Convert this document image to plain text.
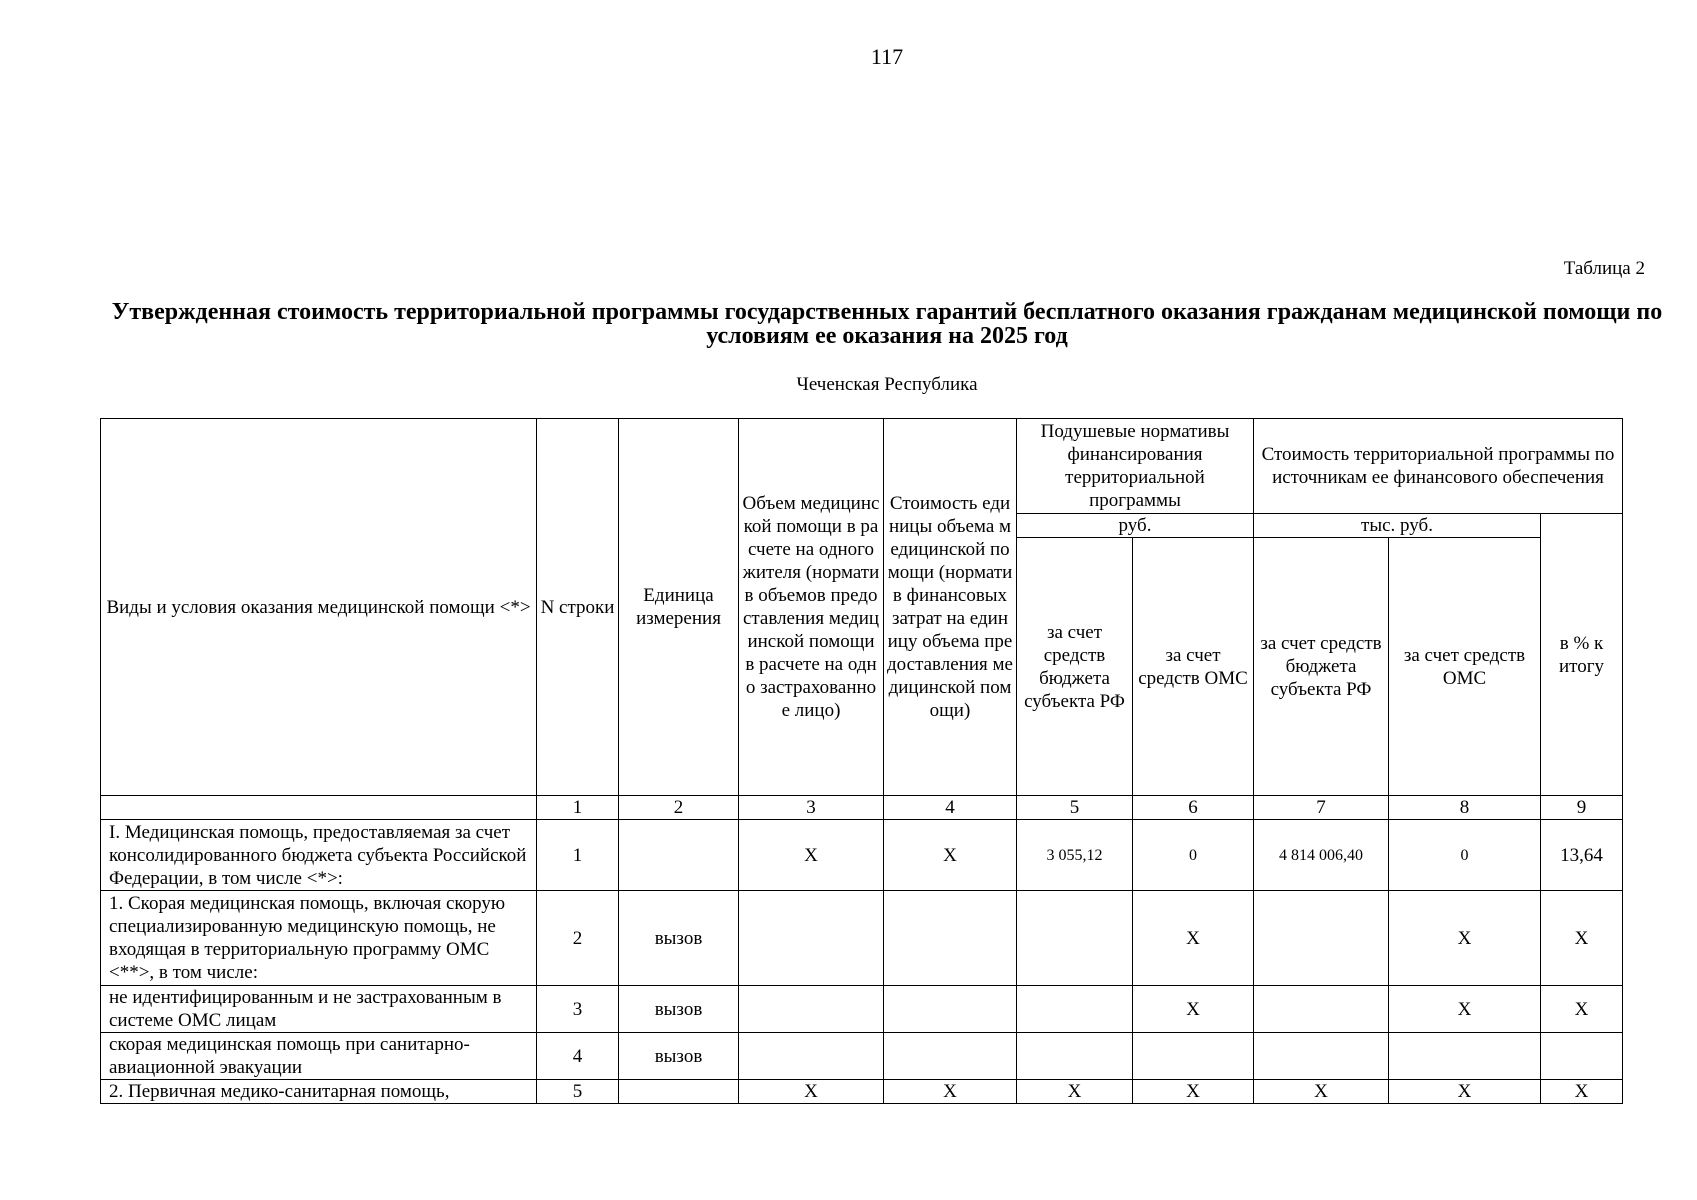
117
Таблица 2
Утвержденная стоимость территориальной программы государственных гарантий бесплатного оказания гражданам медицинской помощи по условиям ее оказания на 2025 год
Чеченская Республика
Виды и условия оказания медицинской помощи <*>	N строки	Единица измерения	Объем медицинской помощи в расчете на одного жителя (норматив объемов предоставления медицинской помощи в расчете на одно застрахованное лицо)	Стоимость единицы объема медицинской помощи (норматив финансовых затрат на единицу объема предоставления медицинской помощи)	Подушевые нормативы финансирования территориальной программы		Стоимость территориальной программы по источникам ее финансового обеспечения		
					руб.		тыс. руб.		в % к итогу
					за счет средств бюджета субъекта РФ	за счет средств ОМС	за счет средств бюджета субъекта РФ	за счет средств ОМС	
	1	2	3	4	5	6	7	8	9
I. Медицинская помощь, предоставляемая за счет консолидированного бюджета субъекта Российской Федерации, в том числе <*>:	1		X	X	3 055,12	0	4 814 006,40	0	13,64
1. Скорая медицинская помощь, включая скорую специализированную медицинскую помощь, не входящая в территориальную программу ОМС <**>, в том числе:	2	вызов				X		X	X
не идентифицированным и не застрахованным в системе ОМС лицам	3	вызов				X		X	X
скорая медицинская помощь при санитарно-авиационной эвакуации	4	вызов							
2. Первичная медико-санитарная помощь,	5		X	X	X	X	X	X	X
